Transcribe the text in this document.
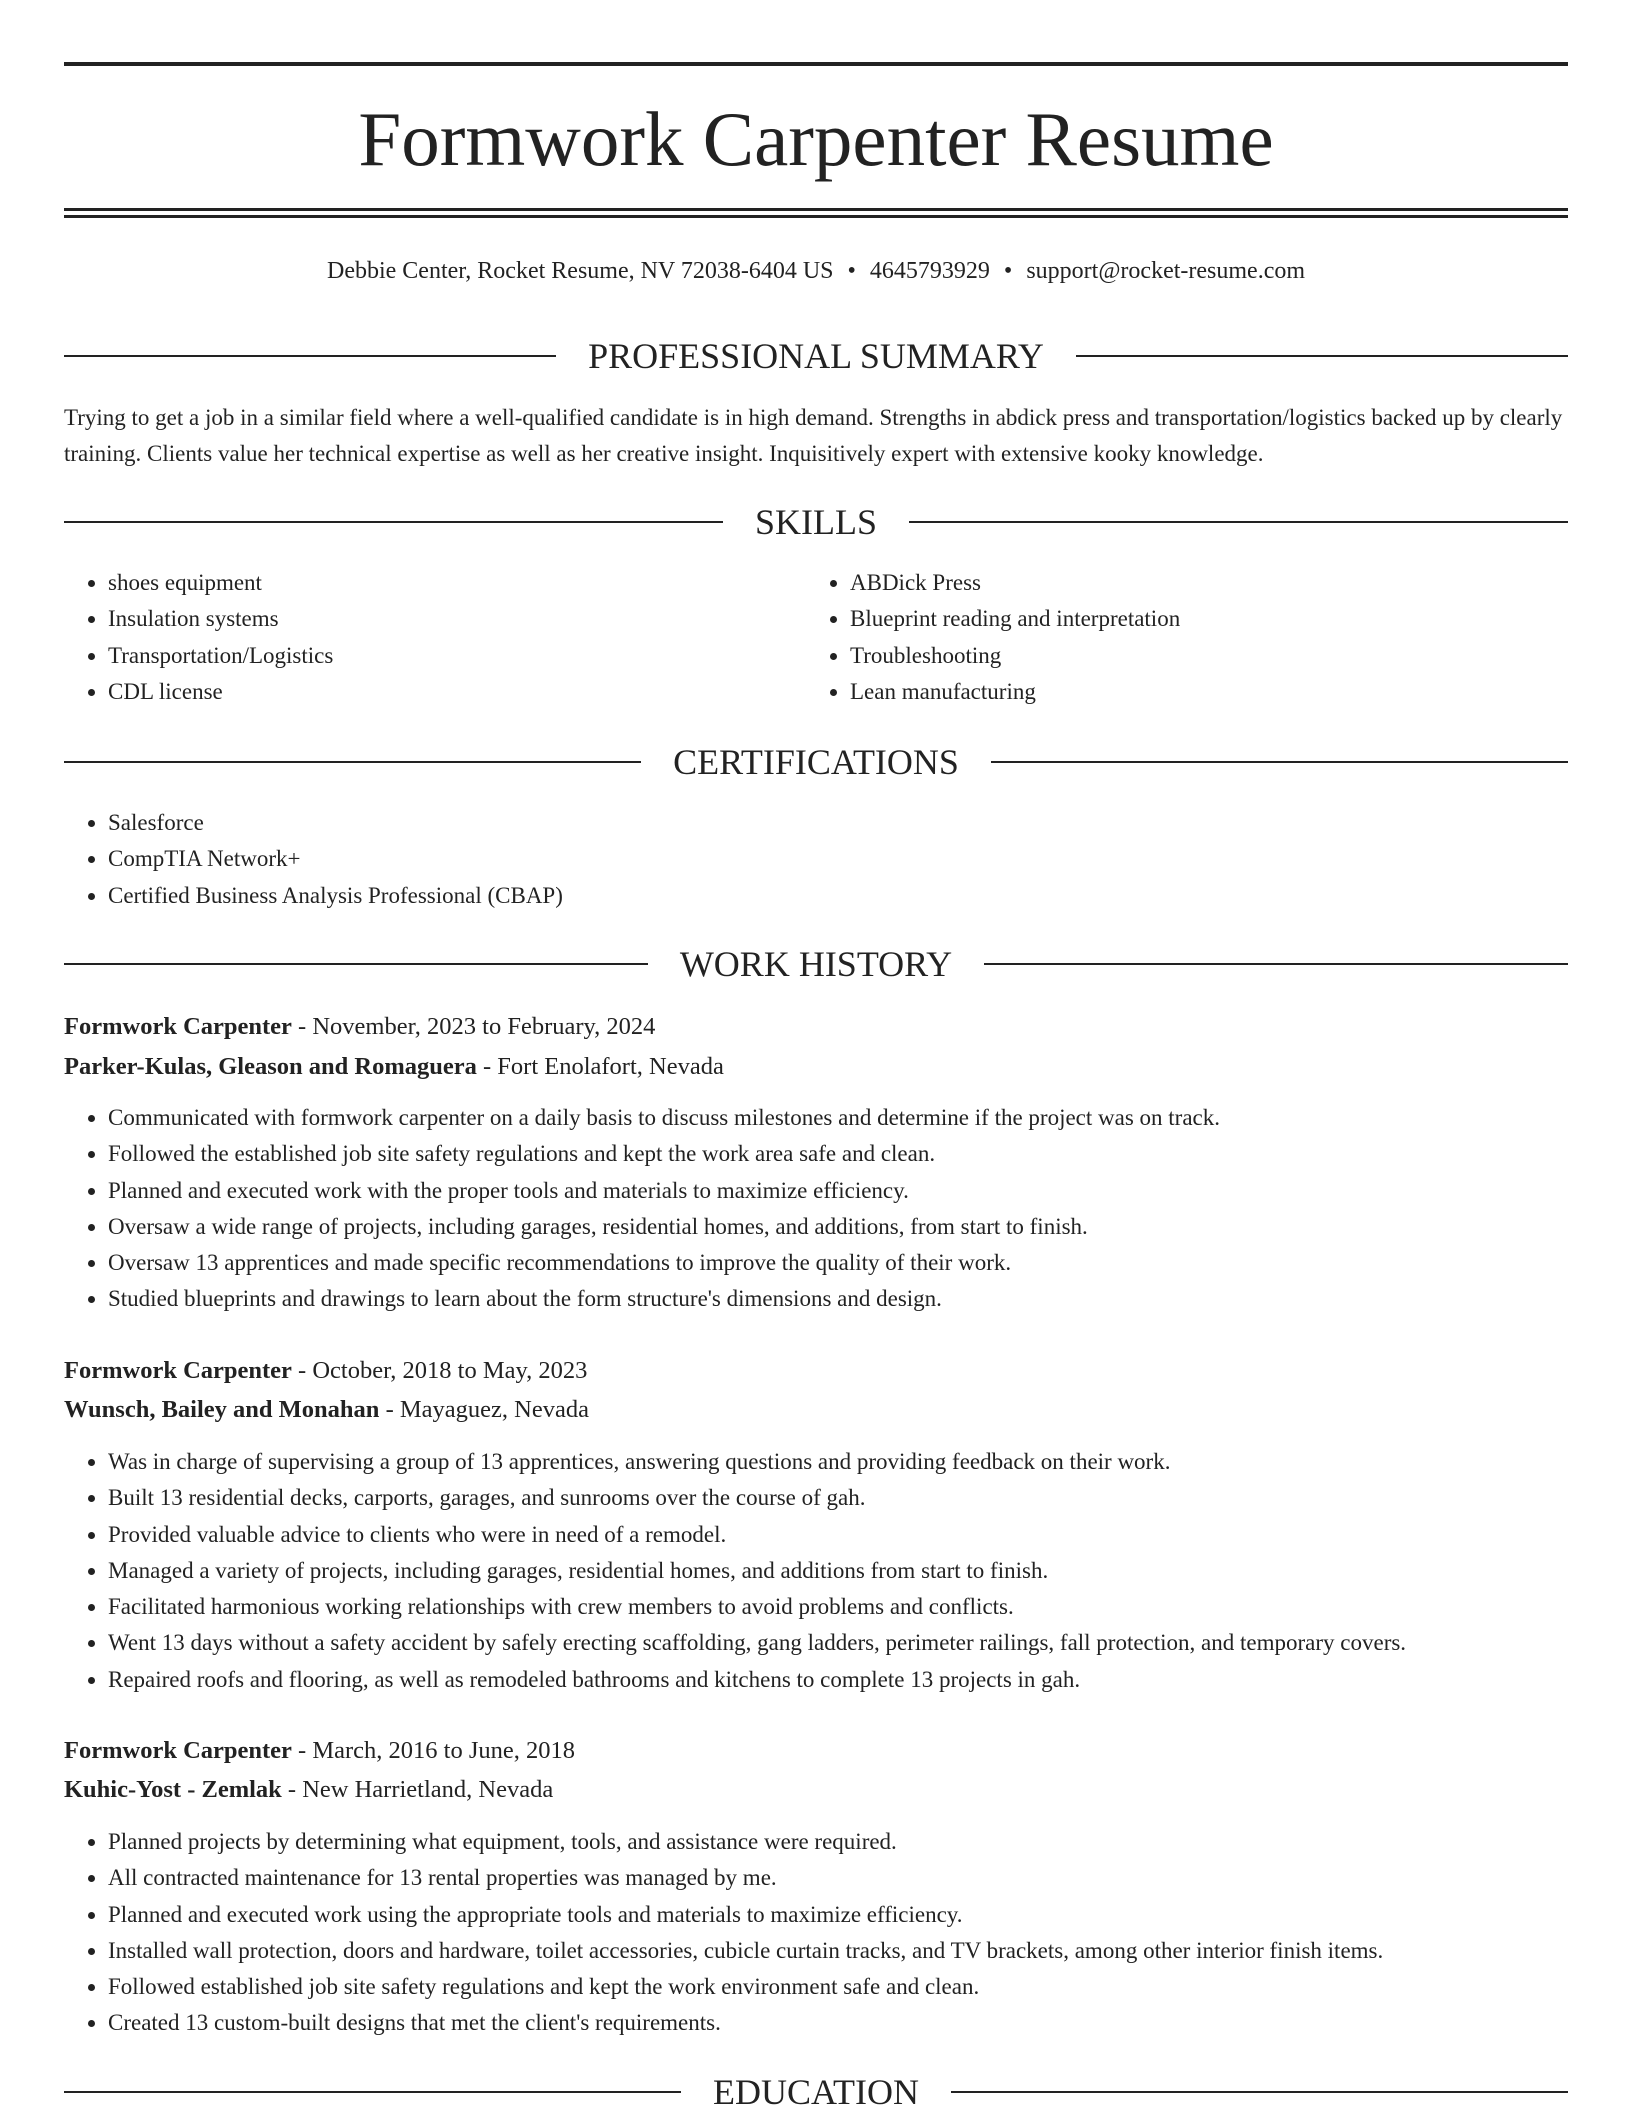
Formwork Carpenter Resume
Debbie Center, Rocket Resume, NV 72038-6404 US • 4645793929 • support@rocket-resume.com
PROFESSIONAL SUMMARY

Trying to get a job in a similar field where a well-qualified candidate is in high demand. Strengths in abdick press and transportation/logistics backed up by clearly training. Clients value her technical expertise as well as her creative insight. Inquisitively expert with extensive kooky knowledge.

SKILLS
• shoes equipment
• Insulation systems
• Transportation/Logistics
• CDL license
• ABDick Press
• Blueprint reading and interpretation
• Troubleshooting
• Lean manufacturing
CERTIFICATIONS
• Salesforce
• CompTIA Network+
• Certified Business Analysis Professional (CBAP)
WORK HISTORY
Formwork Carpenter - November, 2023 to February, 2024
Parker-Kulas, Gleason and Romaguera - Fort Enolafort, Nevada
• Communicated with formwork carpenter on a daily basis to discuss milestones and determine if the project was on track.
• Followed the established job site safety regulations and kept the work area safe and clean.
• Planned and executed work with the proper tools and materials to maximize efficiency.
• Oversaw a wide range of projects, including garages, residential homes, and additions, from start to finish.
• Oversaw 13 apprentices and made specific recommendations to improve the quality of their work.
• Studied blueprints and drawings to learn about the form structure's dimensions and design.
Formwork Carpenter - October, 2018 to May, 2023
Wunsch, Bailey and Monahan - Mayaguez, Nevada
• Was in charge of supervising a group of 13 apprentices, answering questions and providing feedback on their work.
• Built 13 residential decks, carports, garages, and sunrooms over the course of gah.
• Provided valuable advice to clients who were in need of a remodel.
• Managed a variety of projects, including garages, residential homes, and additions from start to finish.
• Facilitated harmonious working relationships with crew members to avoid problems and conflicts.
• Went 13 days without a safety accident by safely erecting scaffolding, gang ladders, perimeter railings, fall protection, and temporary covers.
• Repaired roofs and flooring, as well as remodeled bathrooms and kitchens to complete 13 projects in gah.
Formwork Carpenter - March, 2016 to June, 2018
Kuhic-Yost - Zemlak - New Harrietland, Nevada
• Planned projects by determining what equipment, tools, and assistance were required.
• All contracted maintenance for 13 rental properties was managed by me.
• Planned and executed work using the appropriate tools and materials to maximize efficiency.
• Installed wall protection, doors and hardware, toilet accessories, cubicle curtain tracks, and TV brackets, among other interior finish items.
• Followed established job site safety regulations and kept the work environment safe and clean.
• Created 13 custom-built designs that met the client's requirements.
EDUCATION
